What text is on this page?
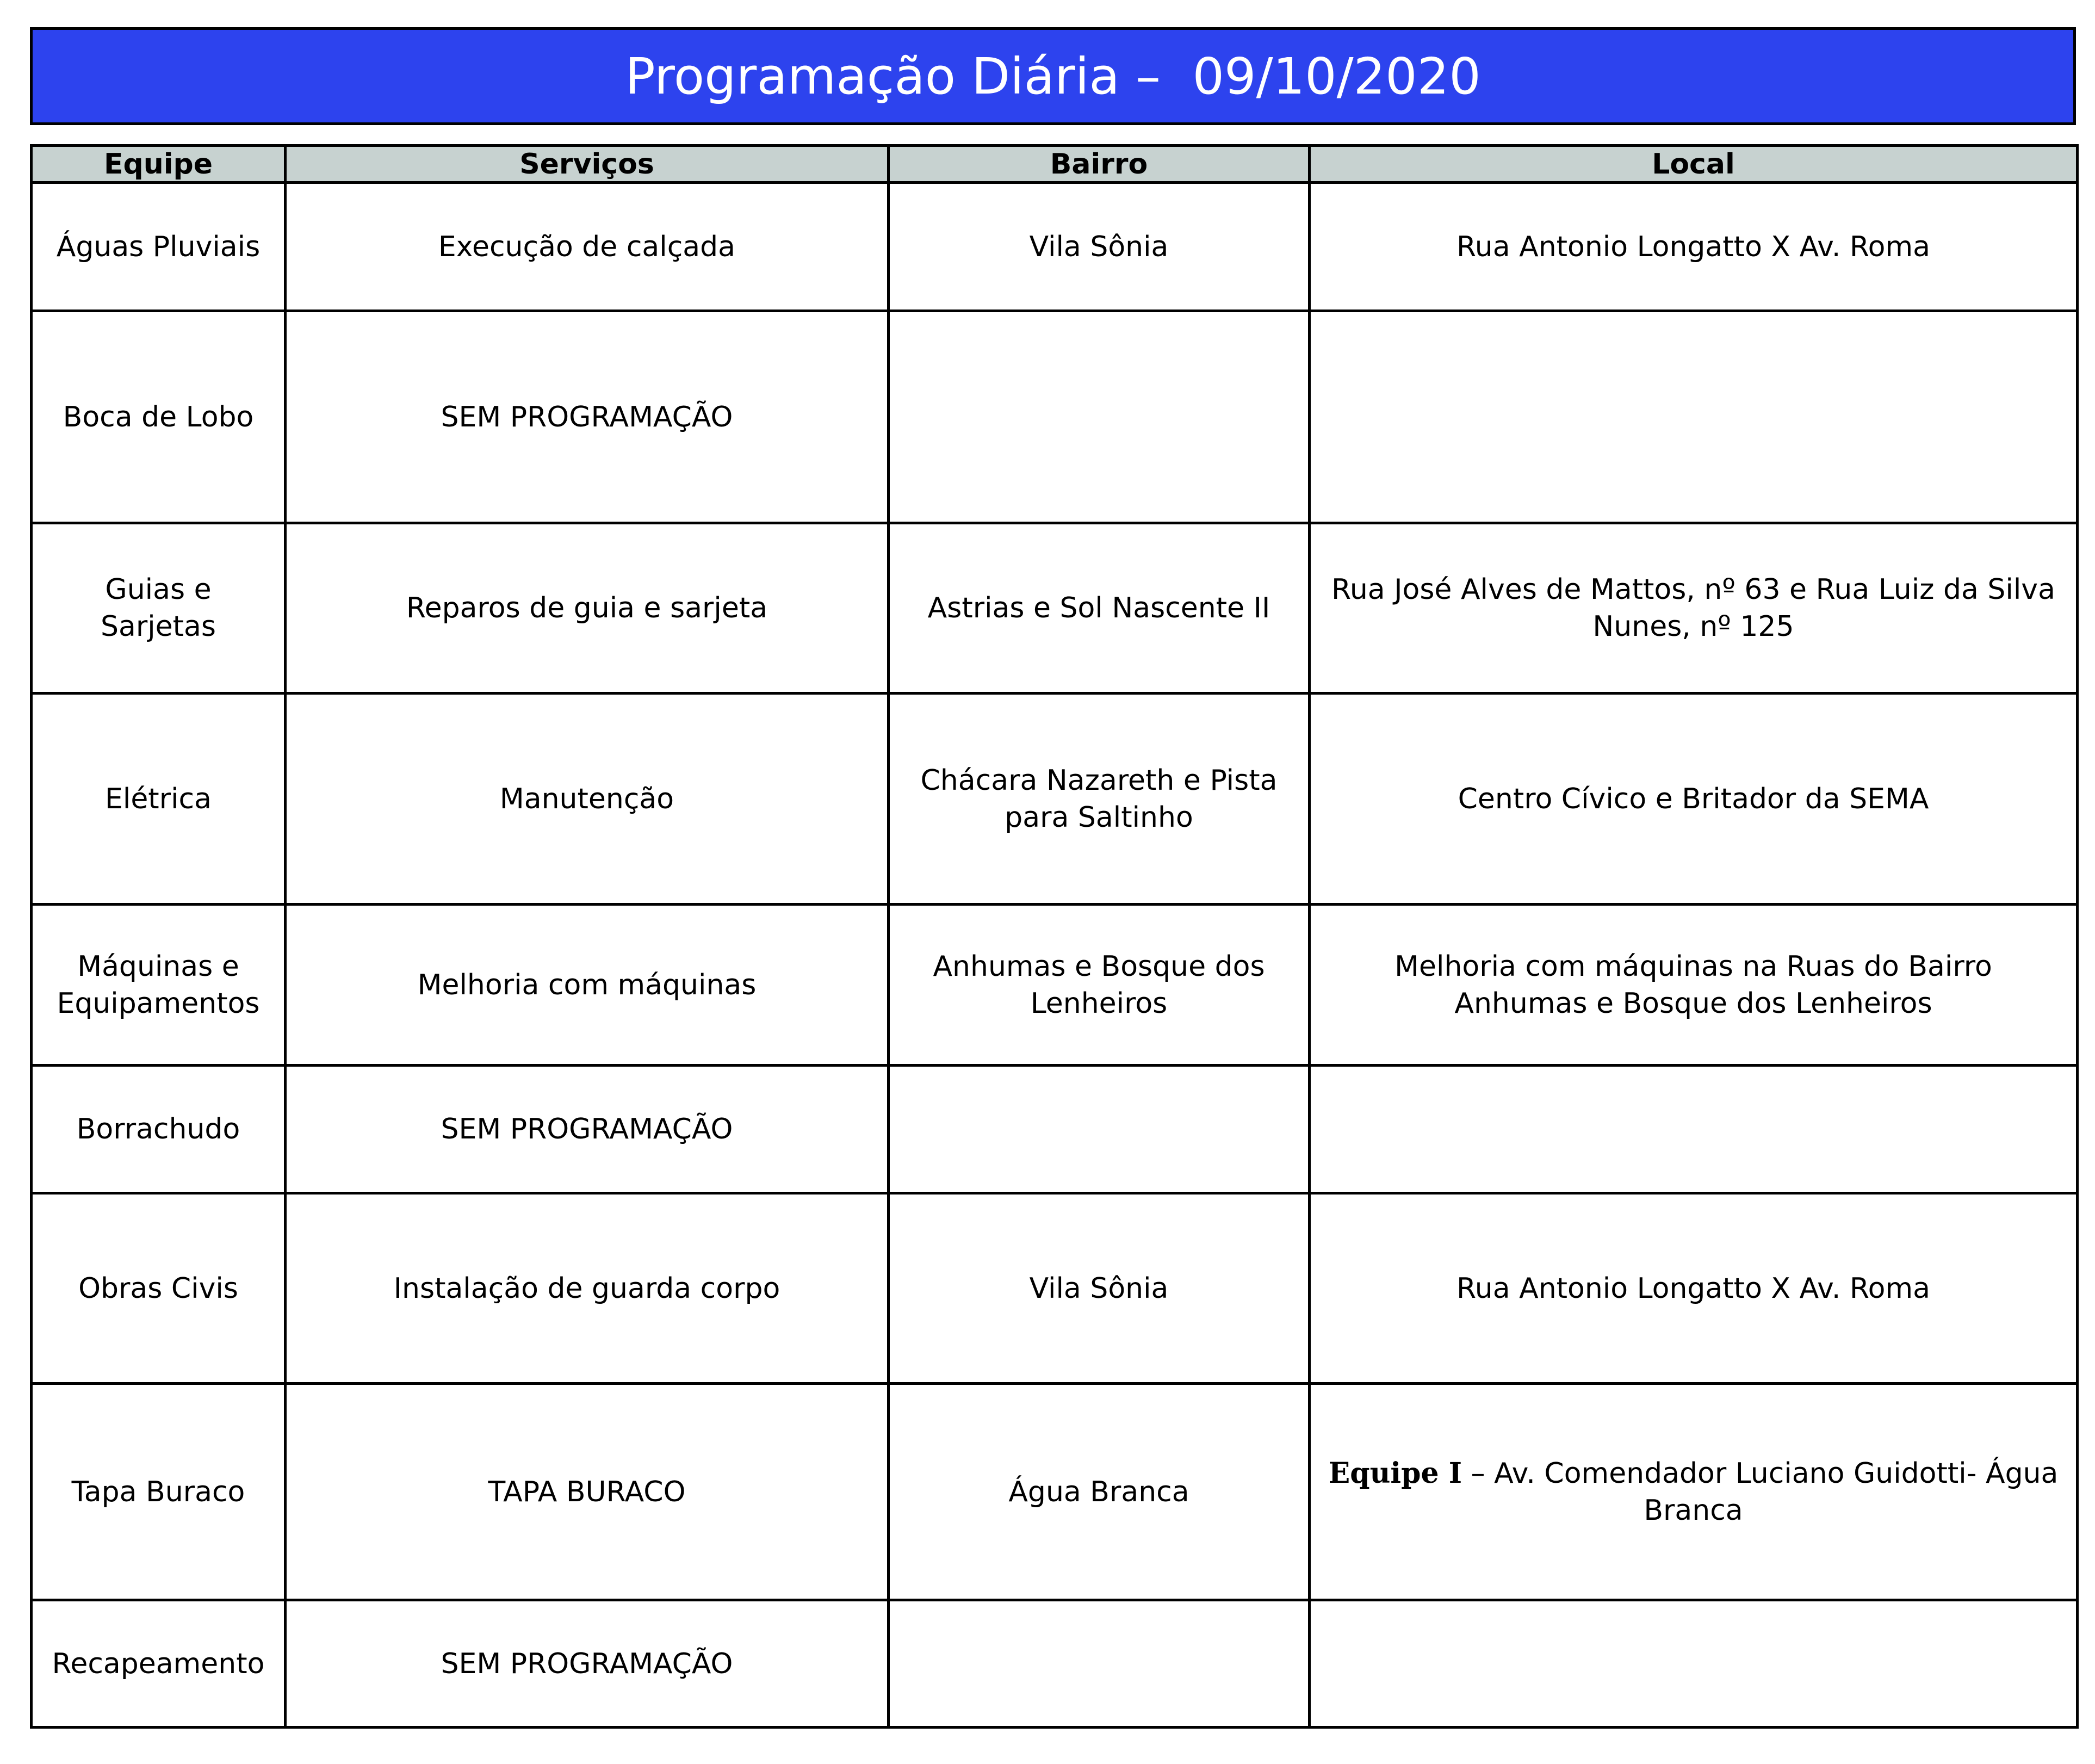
Programação Diária –  09/10/2020
Equipe	Serviços	Bairro	Local
Águas Pluviais	Execução de calçada	Vila Sônia	Rua Antonio Longatto X Av. Roma
Boca de Lobo	SEM PROGRAMAÇÃO		
Guias e Sarjetas	Reparos de guia e sarjeta	Astrias e Sol Nascente II	Rua José Alves de Mattos, nº 63 e Rua Luiz da Silva Nunes, nº 125
Elétrica	Manutenção	Chácara Nazareth e Pista para Saltinho	Centro Cívico e Britador da SEMA
Máquinas e Equipamentos	Melhoria com máquinas	Anhumas e Bosque dos Lenheiros	Melhoria com máquinas na Ruas do Bairro Anhumas e Bosque dos Lenheiros
Borrachudo	SEM PROGRAMAÇÃO		
Obras Civis	Instalação de guarda corpo	Vila Sônia	Rua Antonio Longatto X Av. Roma
Tapa Buraco	TAPA BURACO	Água Branca	Equipe I – Av. Comendador Luciano Guidotti- Água Branca
Recapeamento	SEM PROGRAMAÇÃO		
